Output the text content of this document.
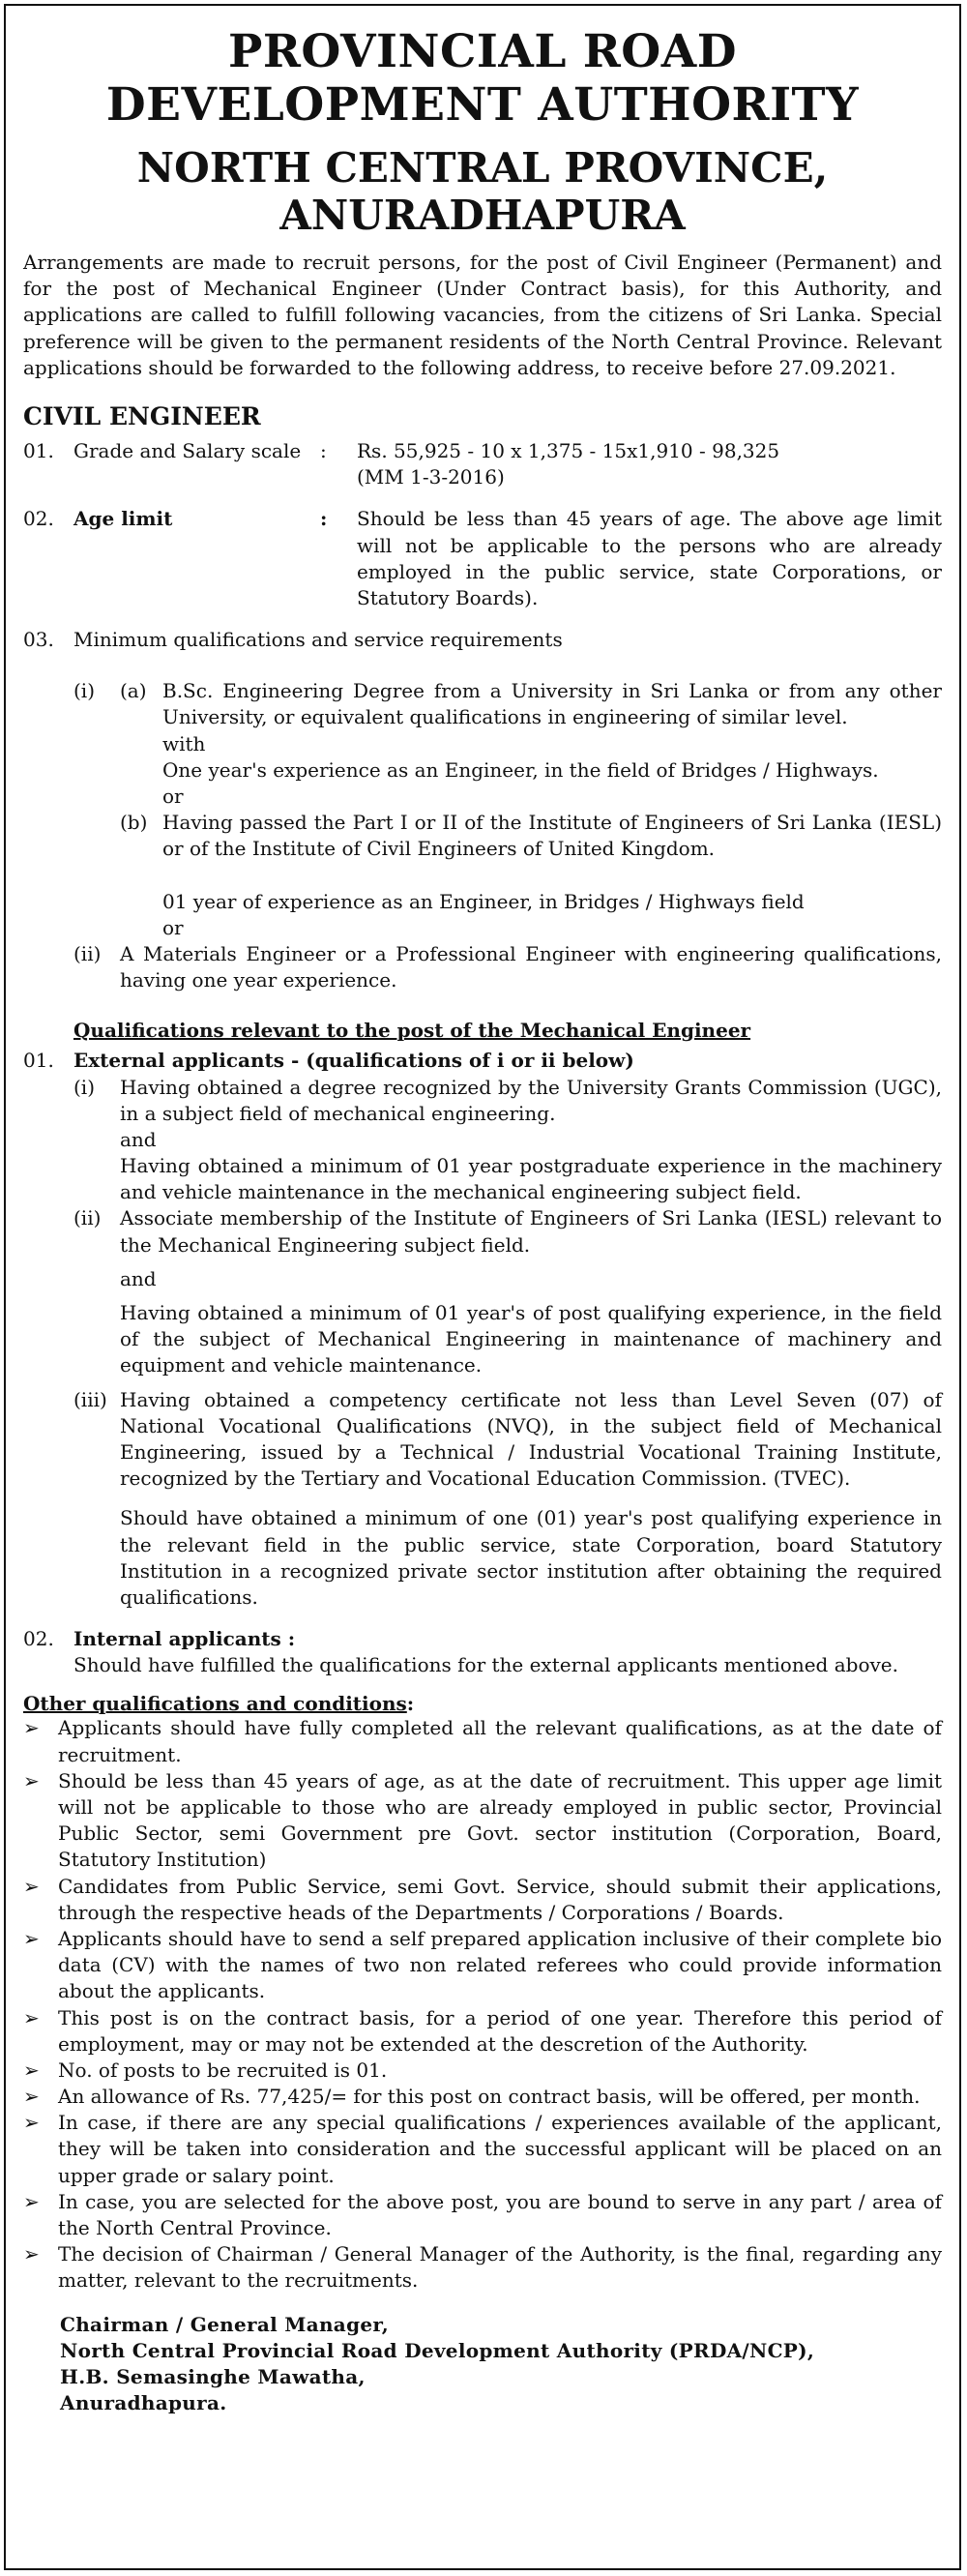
PROVINCIAL ROAD DEVELOPMENT AUTHORITY
NORTH CENTRAL PROVINCE, ANURADHAPURA

Arrangements are made to recruit persons, for the post of Civil Engineer (Permanent) and for the post of Mechanical Engineer (Under Contract basis), for this Authority, and applications are called to fulfill following vacancies, from the citizens of Sri Lanka. Special preference will be given to the permanent residents of the North Central Province. Relevant applications should be forwarded to the following address, to receive before 27.09.2021.

CIVIL ENGINEER
01.	Grade and Salary scale :	Rs. 55,925 - 10 x 1,375 - 15x1,910 - 98,325
(MM 1-3-2016)
02.	Age limit	:	Should be less than 45 years of age. The above age limit will not be applicable to the persons who are already employed in the public service, state Corporations, or Statutory Boards).
03.	Minimum qualifications and service requirements
(i)	(a) B.Sc. Engineering Degree from a University in Sri Lanka or from any other University, or equivalent qualifications in engineering of similar level.
with
One year's experience as an Engineer, in the field of Bridges / Highways.
or
(b) Having passed the Part I or II of the Institute of Engineers of Sri Lanka (IESL) or of the Institute of Civil Engineers of United Kingdom.
01 year of experience as an Engineer, in Bridges / Highways field
or
(ii) A Materials Engineer or a Professional Engineer with engineering qualifications, having one year experience.
Qualifications relevant to the post of the Mechanical Engineer
01.	External applicants - (qualifications of i or ii below)
(i)	Having obtained a degree recognized by the University Grants Commission (UGC), in a subject field of mechanical engineering.
and
Having obtained a minimum of 01 year postgraduate experience in the machinery and vehicle maintenance in the mechanical engineering subject field.
(ii) Associate membership of the Institute of Engineers of Sri Lanka (IESL) relevant to the Mechanical Engineering subject field.
and
Having obtained a minimum of 01 year's of post qualifying experience, in the field of the subject of Mechanical Engineering in maintenance of machinery and equipment and vehicle maintenance.
(iii) Having obtained a competency certificate not less than Level Seven (07) of National Vocational Qualifications (NVQ), in the subject field of Mechanical Engineering, issued by a Technical / Industrial Vocational Training Institute, recognized by the Tertiary and Vocational Education Commission. (TVEC).
Should have obtained a minimum of one (01) year's post qualifying experience in the relevant field in the public service, state Corporation, board Statutory Institution in a recognized private sector institution after obtaining the required qualifications.
02.	Internal applicants :
Should have fulfilled the qualifications for the external applicants mentioned above.
Other qualifications and conditions:
➢ Applicants should have fully completed all the relevant qualifications, as at the date of recruitment.
➢ Should be less than 45 years of age, as at the date of recruitment. This upper age limit will not be applicable to those who are already employed in public sector, Provincial Public Sector, semi Government pre Govt. sector institution (Corporation, Board, Statutory Institution)
➢ Candidates from Public Service, semi Govt. Service, should submit their applications, through the respective heads of the Departments / Corporations / Boards.
➢ Applicants should have to send a self prepared application inclusive of their complete bio data (CV) with the names of two non related referees who could provide information about the applicants.
➢ This post is on the contract basis, for a period of one year. Therefore this period of employment, may or may not be extended at the descretion of the Authority.
➢ No. of posts to be recruited is 01.
➢ An allowance of Rs. 77,425/= for this post on contract basis, will be offered, per month.
➢ In case, if there are any special qualifications / experiences available of the applicant, they will be taken into consideration and the successful applicant will be placed on an upper grade or salary point.
➢ In case, you are selected for the above post, you are bound to serve in any part / area of the North Central Province.
➢ The decision of Chairman / General Manager of the Authority, is the final, regarding any matter, relevant to the recruitments.
Chairman / General Manager,
North Central Provincial Road Development Authority (PRDA/NCP),
H.B. Semasinghe Mawatha,
Anuradhapura.
